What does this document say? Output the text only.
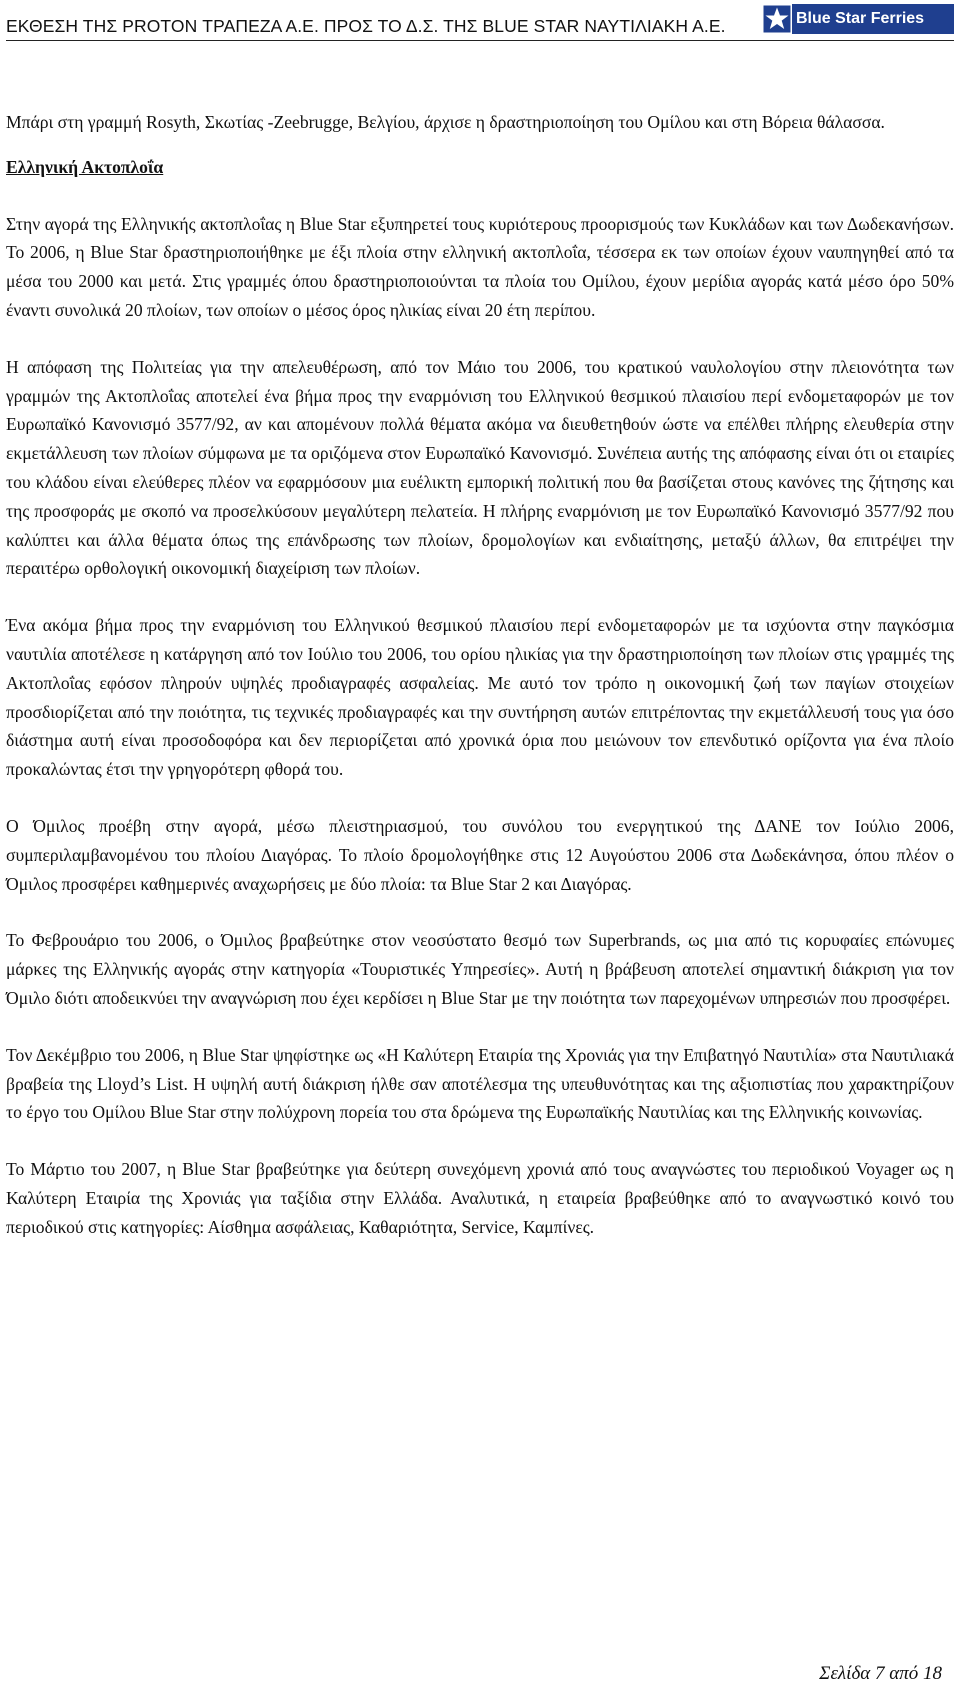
ΕΚΘΕΣΗ ΤΗΣ PROTON ΤΡΑΠΕΖΑ Α.Ε. ΠΡΟΣ ΤΟ Δ.Σ. ΤΗΣ BLUE STAR ΝΑΥΤΙΛΙΑΚΗ Α.Ε.	Blue Star Ferries

Μπάρι στη γραμμή Rosyth, Σκωτίας -Zeebrugge, Βελγίου, άρχισε η δραστηριοποίηση του Ομίλου και στη Βόρεια θάλασσα.

Ελληνική Ακτοπλοΐα

Στην αγορά της Ελληνικής ακτοπλοΐας η Blue Star εξυπηρετεί τους κυριότερους προορισμούς των Κυκλάδων και των Δωδεκανήσων. Το 2006, η Blue Star δραστηριοποιήθηκε με έξι πλοία στην ελληνική ακτοπλοΐα, τέσσερα εκ των οποίων έχουν ναυπηγηθεί από τα μέσα του 2000 και μετά. Στις γραμμές όπου δραστηριοποιούνται τα πλοία του Ομίλου, έχουν μερίδια αγοράς κατά μέσο όρο 50% έναντι συνολικά 20 πλοίων, των οποίων ο μέσος όρος ηλικίας είναι 20 έτη περίπου.

Η απόφαση της Πολιτείας για την απελευθέρωση, από τον Μάιο του 2006, του κρατικού ναυλολογίου στην πλειονότητα των γραμμών της Ακτοπλοΐας αποτελεί ένα βήμα προς την εναρμόνιση του Ελληνικού θεσμικού πλαισίου περί ενδομεταφορών με τον Ευρωπαϊκό Κανονισμό 3577/92, αν και απομένουν πολλά θέματα ακόμα να διευθετηθούν ώστε να επέλθει πλήρης ελευθερία στην εκμετάλλευση των πλοίων σύμφωνα με τα οριζόμενα στον Ευρωπαϊκό Κανονισμό. Συνέπεια αυτής της απόφασης είναι ότι οι εταιρίες του κλάδου είναι ελεύθερες πλέον να εφαρμόσουν μια ευέλικτη εμπορική πολιτική που θα βασίζεται στους κανόνες της ζήτησης και της προσφοράς με σκοπό να προσελκύσουν μεγαλύτερη πελατεία. Η πλήρης εναρμόνιση με τον Ευρωπαϊκό Κανονισμό 3577/92 που καλύπτει και άλλα θέματα όπως της επάνδρωσης των πλοίων, δρομολογίων και ενδιαίτησης, μεταξύ άλλων, θα επιτρέψει την περαιτέρω ορθολογική οικονομική διαχείριση των πλοίων.

Ένα ακόμα βήμα προς την εναρμόνιση του Ελληνικού θεσμικού πλαισίου περί ενδομεταφορών με τα ισχύοντα στην παγκόσμια ναυτιλία αποτέλεσε η κατάργηση από τον Ιούλιο του 2006, του ορίου ηλικίας για την δραστηριοποίηση των πλοίων στις γραμμές της Ακτοπλοΐας εφόσον πληρούν υψηλές προδιαγραφές ασφαλείας. Με αυτό τον τρόπο η οικονομική ζωή των παγίων στοιχείων προσδιορίζεται από την ποιότητα, τις τεχνικές προδιαγραφές και την συντήρηση αυτών επιτρέποντας την εκμετάλλευσή τους για όσο διάστημα αυτή είναι προσοδοφόρα και δεν περιορίζεται από χρονικά όρια που μειώνουν τον επενδυτικό ορίζοντα για ένα πλοίο προκαλώντας έτσι την γρηγορότερη φθορά του.

Ο Όμιλος προέβη στην αγορά, μέσω πλειστηριασμού, του συνόλου του ενεργητικού της ΔΑΝΕ τον Ιούλιο 2006, συμπεριλαμβανομένου του πλοίου Διαγόρας. Το πλοίο δρομολογήθηκε στις 12 Αυγούστου 2006 στα Δωδεκάνησα, όπου πλέον ο Όμιλος προσφέρει καθημερινές αναχωρήσεις με δύο πλοία: τα Blue Star 2 και Διαγόρας.

Το Φεβρουάριο του 2006, ο Όμιλος βραβεύτηκε στον νεοσύστατο θεσμό των Superbrands, ως μια από τις κορυφαίες επώνυμες μάρκες της Ελληνικής αγοράς στην κατηγορία «Τουριστικές Υπηρεσίες». Αυτή η βράβευση αποτελεί σημαντική διάκριση για τον Όμιλο διότι αποδεικνύει την αναγνώριση που έχει κερδίσει η Blue Star με την ποιότητα των παρεχομένων υπηρεσιών που προσφέρει.

Τον Δεκέμβριο του 2006, η Blue Star ψηφίστηκε ως «Η Καλύτερη Εταιρία της Χρονιάς για την Επιβατηγό Ναυτιλία» στα Ναυτιλιακά βραβεία της Lloyd’s List. Η υψηλή αυτή διάκριση ήλθε σαν αποτέλεσμα της υπευθυνότητας και της αξιοπιστίας που χαρακτηρίζουν το έργο του Ομίλου Blue Star στην πολύχρονη πορεία του στα δρώμενα της Ευρωπαϊκής Ναυτιλίας και της Ελληνικής κοινωνίας.

Το Μάρτιο του 2007, η Blue Star βραβεύτηκε για δεύτερη συνεχόμενη χρονιά από τους αναγνώστες του περιοδικού Voyager ως η Καλύτερη Εταιρία της Χρονιάς για ταξίδια στην Ελλάδα. Αναλυτικά, η εταιρεία βραβεύθηκε από το αναγνωστικό κοινό του περιοδικού στις κατηγορίες: Αίσθημα ασφάλειας, Καθαριότητα, Service, Καμπίνες.

Σελίδα 7 από 18
